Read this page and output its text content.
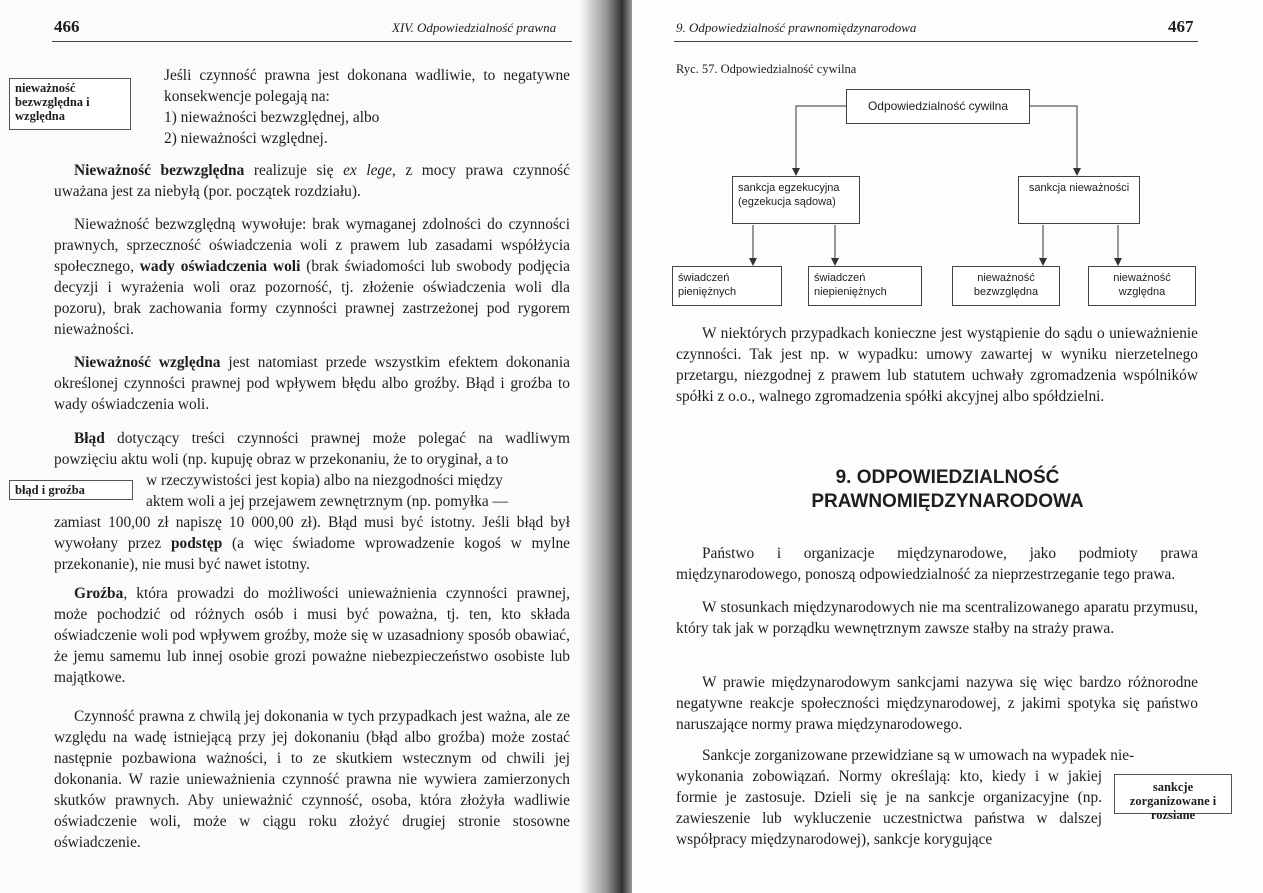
466	XIV. Odpowiedzialność prawna
nieważność bezwzględna i względna

Jeśli czynność prawna jest dokonana wadliwie, to negatywne konsekwencje polegają na:

1) nieważności bezwzględnej, albo
2) nieważności względnej.

Nieważność bezwzględna realizuje się ex lege, z mocy prawa czynność uważana jest za niebyłą (por. początek rozdziału).

Nieważność bezwzględną wywołuje: brak wymaganej zdolności do czynności prawnych, sprzeczność oświadczenia woli z prawem lub zasadami współżycia społecznego, wady oświadczenia woli (brak świadomości lub swobody podjęcia decyzji i wyrażenia woli oraz pozorność, tj. złożenie oświadczenia woli dla pozoru), brak zachowania formy czynności prawnej zastrzeżonej pod rygorem nieważności.

Nieważność względna jest natomiast przede wszystkim efektem dokonania określonej czynności prawnej pod wpływem błędu albo groźby. Błąd i groźba to wady oświadczenia woli.

Błąd dotyczący treści czynności prawnej może polegać na wadliwym powzięciu aktu woli (np. kupuję obraz w przekonaniu, że to oryginał, a to

błąd i groźba

w rzeczywistości jest kopia) albo na niezgodności między

aktem woli a jej przejawem zewnętrznym (np. pomyłka —

zamiast 100,00 zł napiszę 10 000,00 zł). Błąd musi być istotny. Jeśli błąd był wywołany przez podstęp (a więc świadome wprowadzenie kogoś w mylne przekonanie), nie musi być nawet istotny.

Groźba, która prowadzi do możliwości unieważnienia czynności prawnej, może pochodzić od różnych osób i musi być poważna, tj. ten, kto składa oświadczenie woli pod wpływem groźby, może się w uzasadniony sposób obawiać, że jemu samemu lub innej osobie grozi poważne niebezpieczeństwo osobiste lub majątkowe.

Czynność prawna z chwilą jej dokonania w tych przypadkach jest ważna, ale ze względu na wadę istniejącą przy jej dokonaniu (błąd albo groźba) może zostać następnie pozbawiona ważności, i to ze skutkiem wstecznym od chwili jej dokonania. W razie unieważnienia czynność prawna nie wywiera zamierzonych skutków prawnych. Aby unieważnić czynność, osoba, która złożyła wadliwie oświadczenie woli, może w ciągu roku złożyć drugiej stronie stosowne oświadczenie.

9. Odpowiedzialność prawnomiędzynarodowa	467
Ryc. 57. Odpowiedzialność cywilna
Odpowiedzialność cywilna
sankcja egzekucyjna (egzekucja sądowa)
sankcja nieważności
świadczeń pieniężnych
świadczeń niepieniężnych
nieważność bezwzględna
nieważność względna

W niektórych przypadkach konieczne jest wystąpienie do sądu o unieważnienie czynności. Tak jest np. w wypadku: umowy zawartej w wyniku nierzetelnego przetargu, niezgodnej z prawem lub statutem uchwały zgromadzenia wspólników spółki z o.o., walnego zgromadzenia spółki akcyjnej albo spółdzielni.

9. ODPOWIEDZIALNOŚĆ
PRAWNOMIĘDZYNARODOWA

Państwo i organizacje międzynarodowe, jako podmioty prawa międzynarodowego, ponoszą odpowiedzialność za nieprzestrzeganie tego prawa.

W stosunkach międzynarodowych nie ma scentralizowanego aparatu przymusu, który tak jak w porządku wewnętrznym zawsze stałby na straży prawa.

W prawie międzynarodowym sankcjami nazywa się więc bardzo różnorodne negatywne reakcje społeczności międzynarodowej, z jakimi spotyka się państwo naruszające normy prawa międzynarodowego.

Sankcje zorganizowane przewidziane są w umowach na wypadek nie-

wykonania zobowiązań. Normy określają: kto, kiedy i w jakiej formie je zastosuje. Dzieli się je na sankcje organizacyjne (np. zawieszenie lub wykluczenie uczestnictwa państwa w dalszej współpracy międzynarodowej), sankcje korygujące

sankcje zorganizowane i rozsiane
